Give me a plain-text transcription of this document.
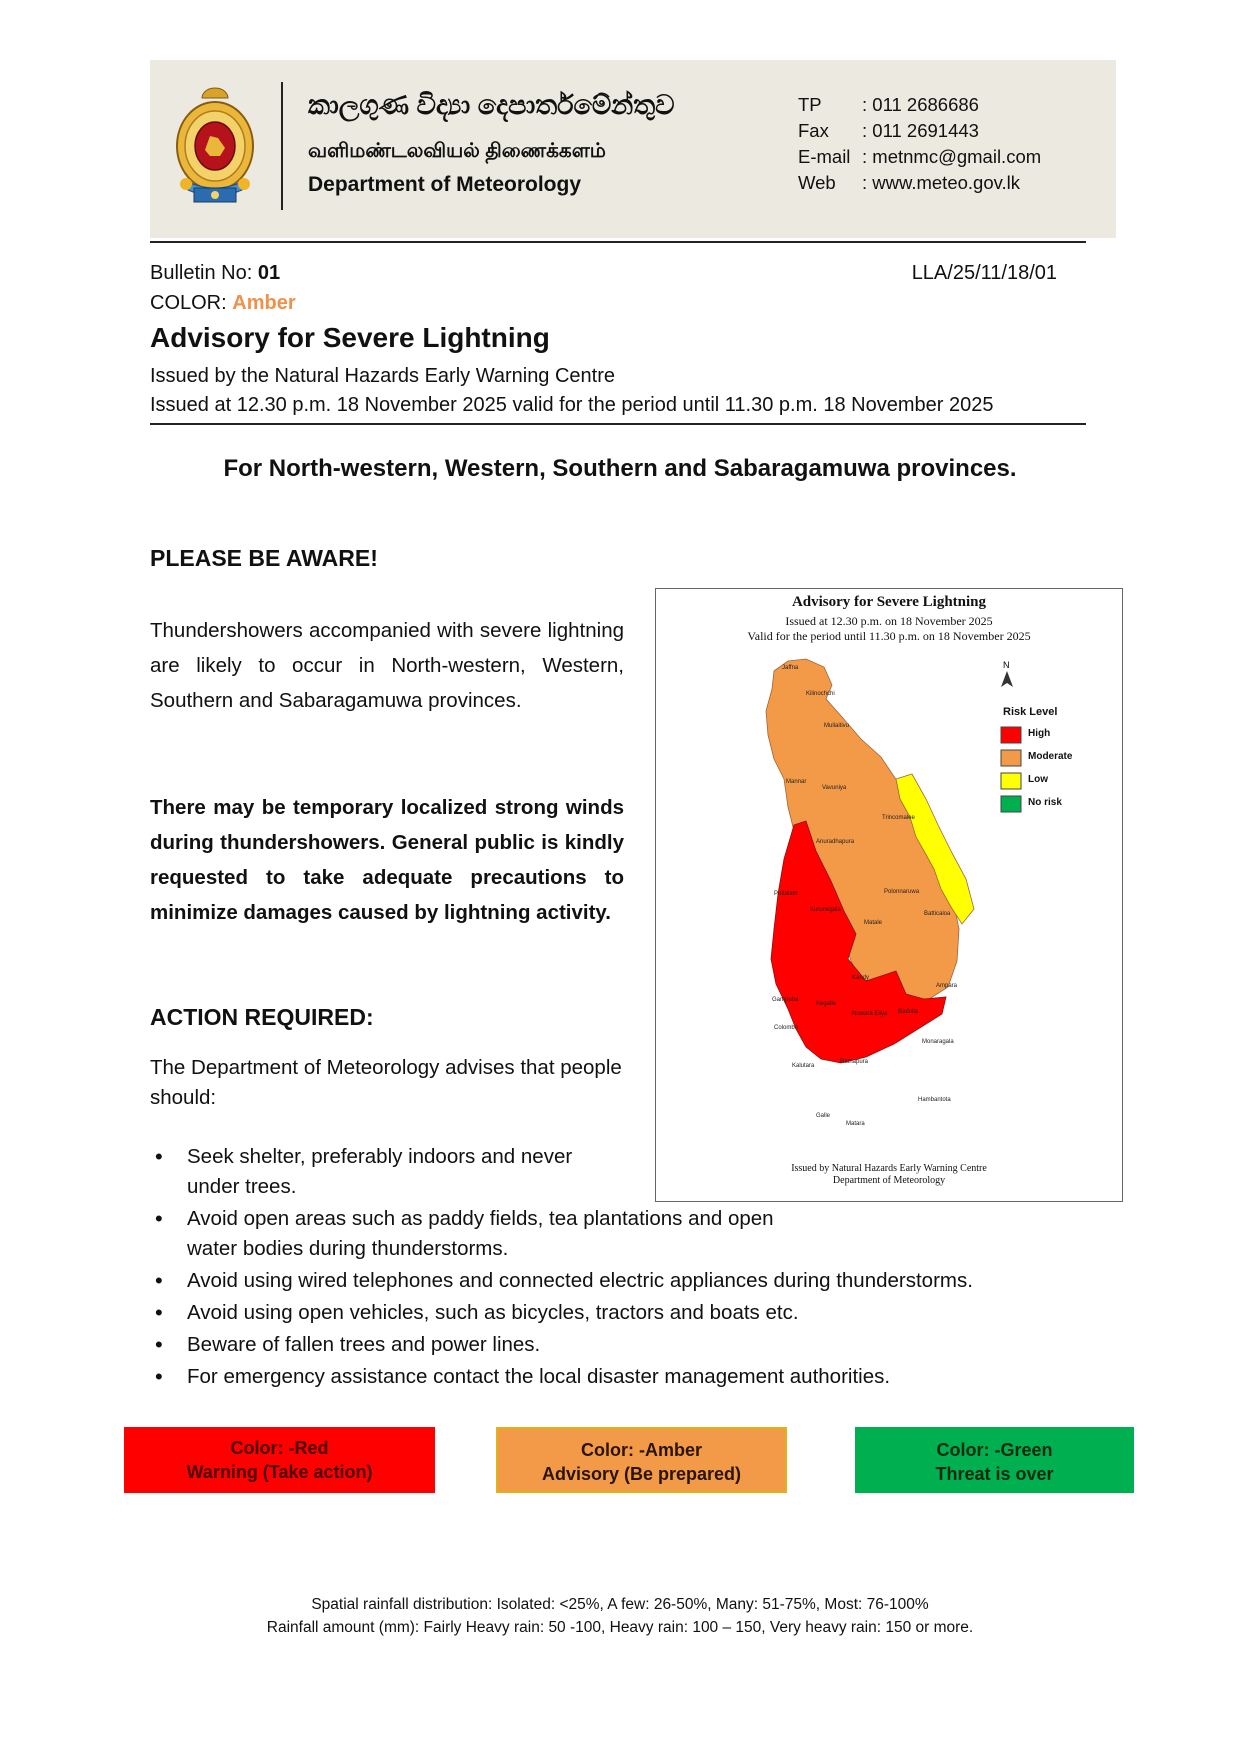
කාලගුණ විද්‍යා දෙපාර්තමේන්තුව
வளிமண்டலவியல் திணைக்களம்
Department of Meteorology
TP	: 011 2686686
Fax	: 011 2691443
E-mail : metnmc@gmail.com
Web	: www.meteo.gov.lk
Bulletin No: 01	LLA/25/11/18/01
COLOR: Amber
Advisory for Severe Lightning
Issued by the Natural Hazards Early Warning Centre
Issued at 12.30 p.m. 18 November 2025 valid for the period until 11.30 p.m. 18 November 2025
For North-western, Western, Southern and Sabaragamuwa provinces.
PLEASE BE AWARE!
Thundershowers accompanied with severe lightning are likely to occur in North-western, Western, Southern and Sabaragamuwa provinces.
There may be temporary localized strong winds during thundershowers. General public is kindly requested to take adequate precautions to minimize damages caused by lightning activity.
ACTION REQUIRED:
The Department of Meteorology advises that people should:
• Seek shelter, preferably indoors and never under trees.
• Avoid open areas such as paddy fields, tea plantations and open water bodies during thunderstorms.
• Avoid using wired telephones and connected electric appliances during thunderstorms.
• Avoid using open vehicles, such as bicycles, tractors and boats etc.
• Beware of fallen trees and power lines.
• For emergency assistance contact the local disaster management authorities.
Advisory for Severe Lightning
Issued at 12.30 p.m. on 18 November 2025
Valid for the period until 11.30 p.m. on 18 November 2025
N
Risk Level
High
Moderate
Low
No risk
Jaffna
Kilinochchi
Mullaitivu
Mannar
Vavuniya
Trincomalee
Anuradhapura
Puttalam
Kurunegala
Polonnaruwa
Matale
Batticaloa
Kandy
Ampara
Gampaha
Kegalle
Nuwara Eliya Badulla
Colombo
Ratnapura
Kalutara
Monaragala
Galle
Matara
Hambantota
Issued by Natural Hazards Early Warning Centre
Department of Meteorology
Color: -Red
Warning (Take action)
Color: -Amber
Advisory (Be prepared)
Color: -Green
Threat is over
Spatial rainfall distribution: Isolated: <25%, A few: 26-50%, Many: 51-75%, Most: 76-100%
Rainfall amount (mm): Fairly Heavy rain: 50 -100, Heavy rain: 100 – 150, Very heavy rain: 150 or more.
